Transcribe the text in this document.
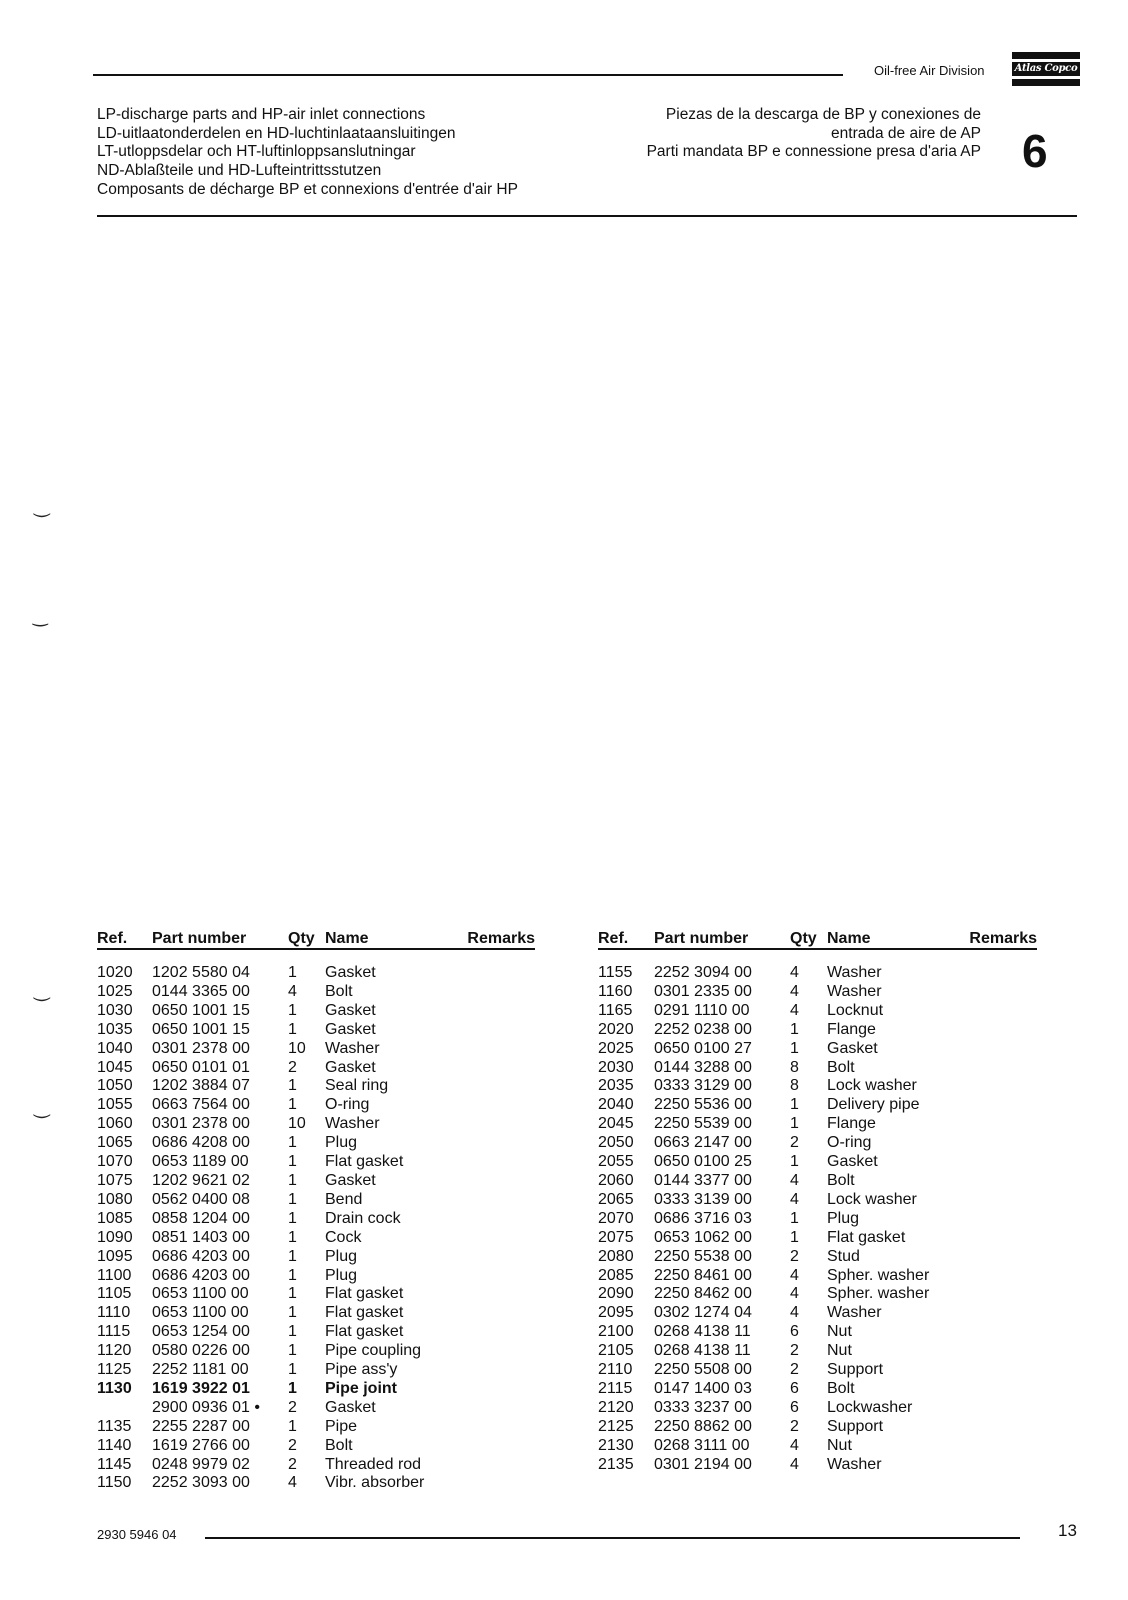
Oil-free Air Division	Atlas Copco
LP-discharge parts and HP-air inlet connections
LD-uitlaatonderdelen en HD-luchtinlaataansluitingen
LT-utloppsdelar och HT-luftinloppsanslutningar
ND-Ablaßteile und HD-Lufteintrittsstutzen
Composants de décharge BP et connexions d'entrée d'air HP
Piezas de la descarga de BP y conexiones de
entrada de aire de AP
Parti mandata BP e connessione presa d'aria AP 6
⏝
‿
⏝
⏝
Ref.	Part number	Qty	Name	Remarks

1020	1202 5580 04	1	Gasket	
1025	0144 3365 00	4	Bolt	
1030	0650 1001 15	1	Gasket	
1035	0650 1001 15	1	Gasket	
1040	0301 2378 00	10	Washer	
1045	0650 0101 01	2	Gasket	
1050	1202 3884 07	1	Seal ring	
1055	0663 7564 00	1	O-ring	
1060	0301 2378 00	10	Washer	
1065	0686 4208 00	1	Plug	
1070	0653 1189 00	1	Flat gasket	
1075	1202 9621 02	1	Gasket	
1080	0562 0400 08	1	Bend	
1085	0858 1204 00	1	Drain cock	
1090	0851 1403 00	1	Cock	
1095	0686 4203 00	1	Plug	
1100	0686 4203 00	1	Plug	
1105	0653 1100 00	1	Flat gasket	
1110	0653 1100 00	1	Flat gasket	
1115	0653 1254 00	1	Flat gasket	
1120	0580 0226 00	1	Pipe coupling	
1125	2252 1181 00	1	Pipe ass'y	
1130	1619 3922 01	1	Pipe joint	
	2900 0936 01 •	2	Gasket	
1135	2255 2287 00	1	Pipe	
1140	1619 2766 00	2	Bolt	
1145	0248 9979 02	2	Threaded rod	
1150	2252 3093 00	4	Vibr. absorber	
Ref.	Part number	Qty	Name	Remarks

1155	2252 3094 00	4	Washer	
1160	0301 2335 00	4	Washer	
1165	0291 1110 00	4	Locknut	
2020	2252 0238 00	1	Flange	
2025	0650 0100 27	1	Gasket	
2030	0144 3288 00	8	Bolt	
2035	0333 3129 00	8	Lock washer	
2040	2250 5536 00	1	Delivery pipe	
2045	2250 5539 00	1	Flange	
2050	0663 2147 00	2	O-ring	
2055	0650 0100 25	1	Gasket	
2060	0144 3377 00	4	Bolt	
2065	0333 3139 00	4	Lock washer	
2070	0686 3716 03	1	Plug	
2075	0653 1062 00	1	Flat gasket	
2080	2250 5538 00	2	Stud	
2085	2250 8461 00	4	Spher. washer	
2090	2250 8462 00	4	Spher. washer	
2095	0302 1274 04	4	Washer	
2100	0268 4138 11	6	Nut	
2105	0268 4138 11	2	Nut	
2110	2250 5508 00	2	Support	
2115	0147 1400 03	6	Bolt	
2120	0333 3237 00	6	Lockwasher	
2125	2250 8862 00	2	Support	
2130	0268 3111 00	4	Nut	
2135	0301 2194 00	4	Washer	
2930 5946 04	13
